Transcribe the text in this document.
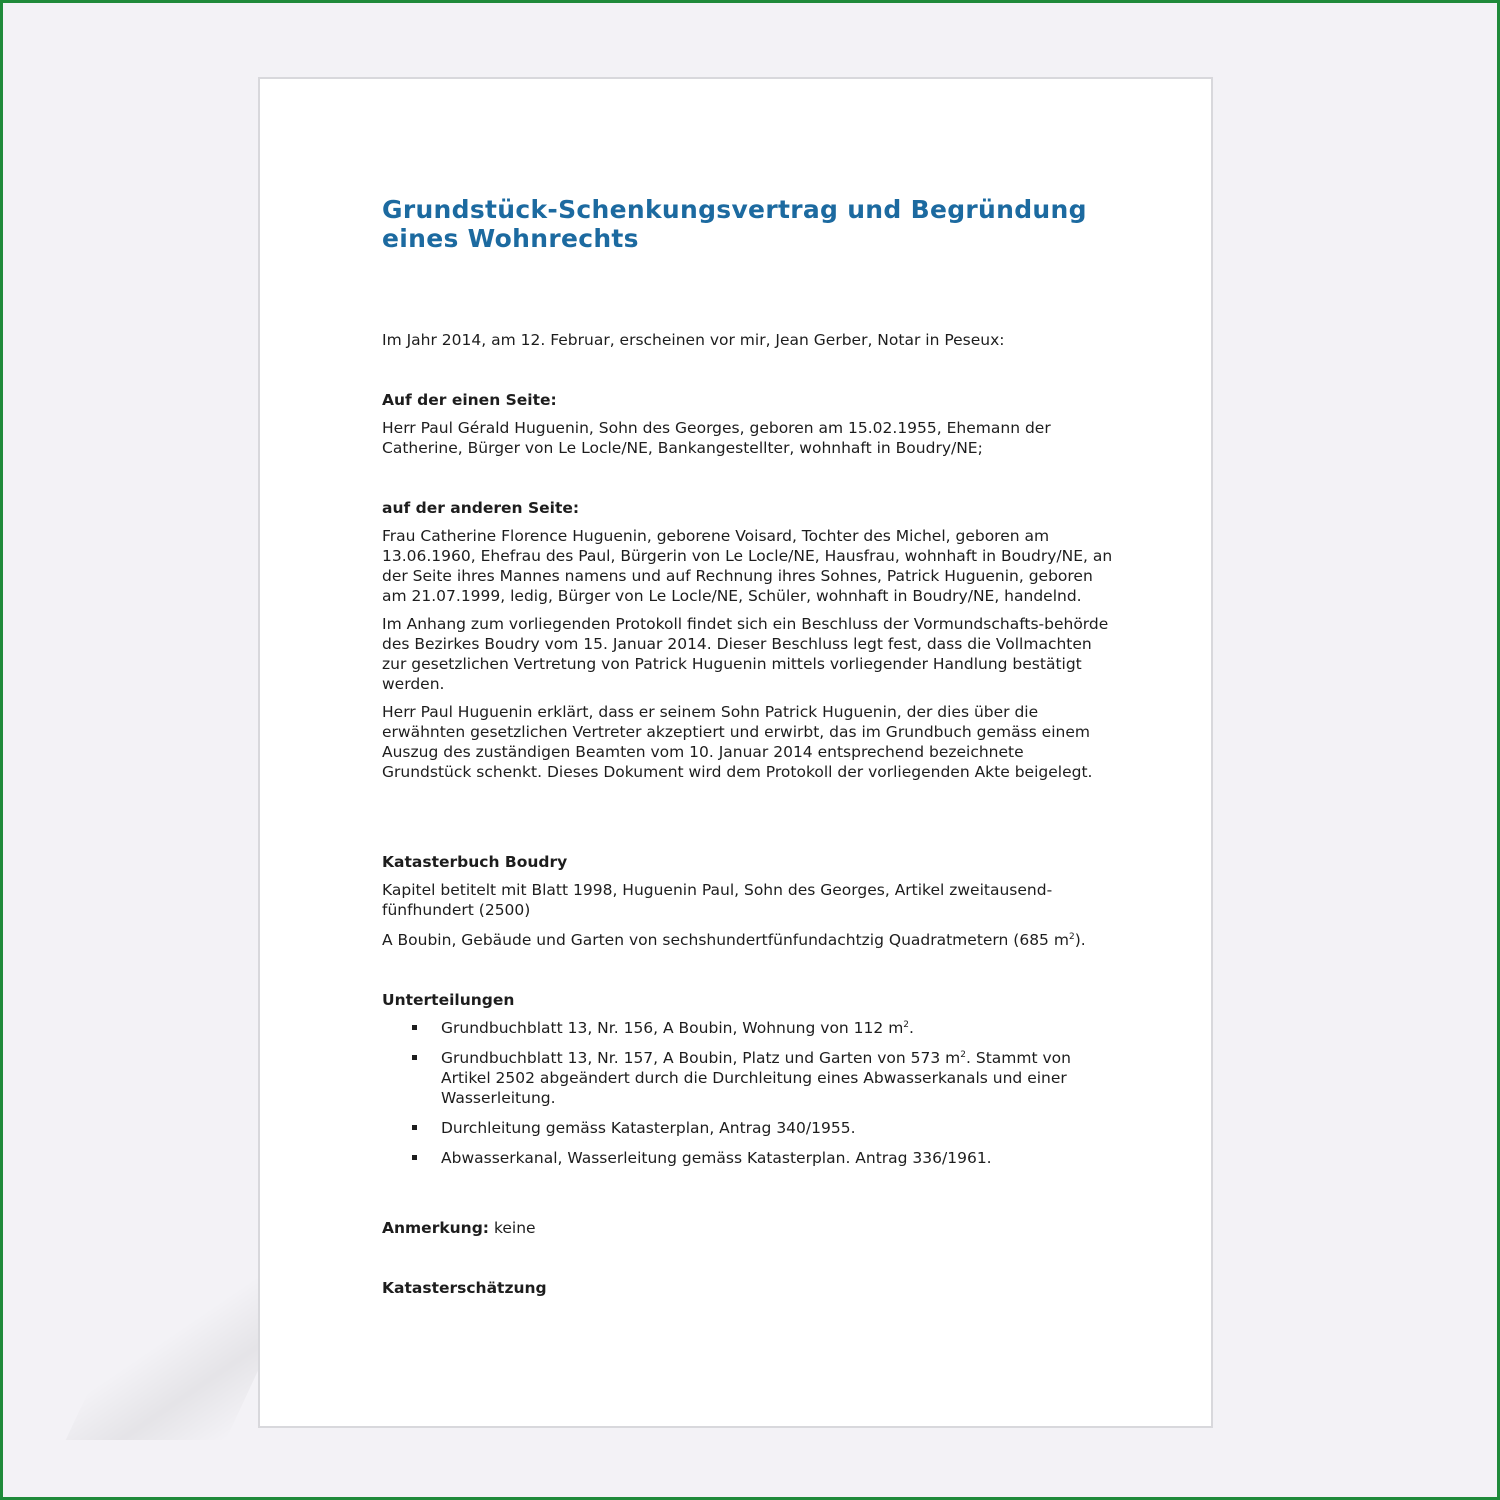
Grundstück-Schenkungsvertrag und Begründung
eines Wohnrechts

Im Jahr 2014, am 12. Februar, erscheinen vor mir, Jean Gerber, Notar in Peseux:

Auf der einen Seite:

Herr Paul Gérald Huguenin, Sohn des Georges, geboren am 15.02.1955, Ehemann der Catherine, Bürger von Le Locle/NE, Bankangestellter, wohnhaft in Boudry/NE;

auf der anderen Seite:

Frau Catherine Florence Huguenin, geborene Voisard, Tochter des Michel, geboren am 13.06.1960, Ehefrau des Paul, Bürgerin von Le Locle/NE, Hausfrau, wohnhaft in Boudry/NE, an der Seite ihres Mannes namens und auf Rechnung ihres Sohnes, Patrick Huguenin, geboren am 21.07.1999, ledig, Bürger von Le Locle/NE, Schüler, wohnhaft in Boudry/NE, handelnd.

Im Anhang zum vorliegenden Protokoll findet sich ein Beschluss der Vormundschafts-behörde des Bezirkes Boudry vom 15. Januar 2014. Dieser Beschluss legt fest, dass die Vollmachten zur gesetzlichen Vertretung von Patrick Huguenin mittels vorliegender Handlung bestätigt werden.

Herr Paul Huguenin erklärt, dass er seinem Sohn Patrick Huguenin, der dies über die erwähnten gesetzlichen Vertreter akzeptiert und erwirbt, das im Grundbuch gemäss einem Auszug des zuständigen Beamten vom 10. Januar 2014 entsprechend bezeichnete Grundstück schenkt. Dieses Dokument wird dem Protokoll der vorliegenden Akte beigelegt.

Katasterbuch Boudry

Kapitel betitelt mit Blatt 1998, Huguenin Paul, Sohn des Georges, Artikel zweitausend-fünfhundert (2500)

A Boubin, Gebäude und Garten von sechshundertfünfundachtzig Quadratmetern (685 $m^2$).

Unterteilungen

Grundbuchblatt 13, Nr. 156, A Boubin, Wohnung von 112 $m^2$.
Grundbuchblatt 13, Nr. 157, A Boubin, Platz und Garten von 573 $m^2$. Stammt von Artikel 2502 abgeändert durch die Durchleitung eines Abwasserkanals und einer Wasserleitung.
Durchleitung gemäss Katasterplan, Antrag 340/1955.
Abwasserkanal, Wasserleitung gemäss Katasterplan. Antrag 336/1961.

Anmerkung: keine

Katasterschätzung
